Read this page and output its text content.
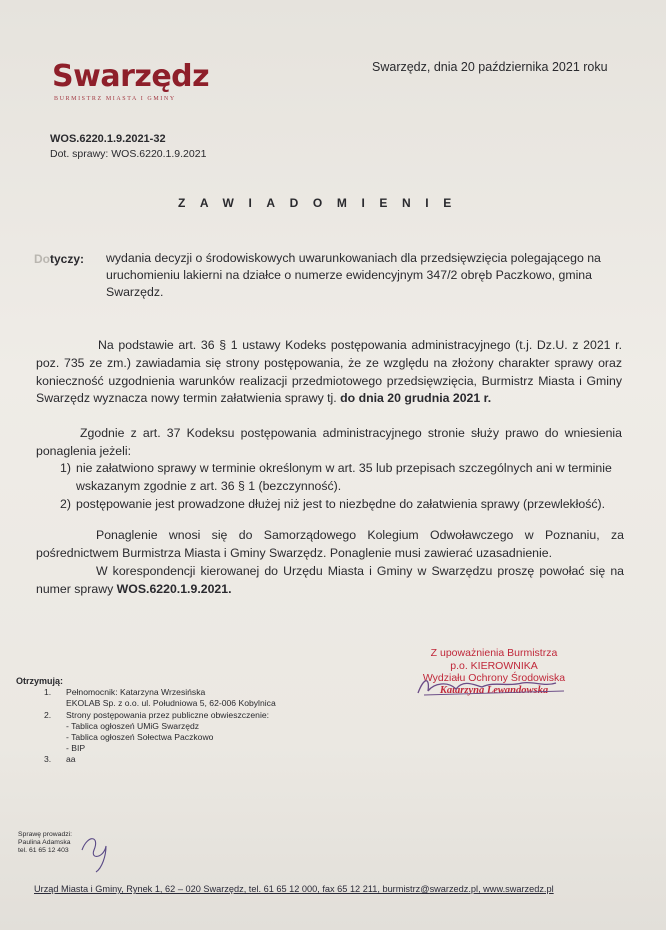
Swarzędz
BURMISTRZ MIASTA I GMINY
Swarzędz, dnia 20 października 2021 roku
WOS.6220.1.9.2021-32
Dot. sprawy: WOS.6220.1.9.2021
ZAWIADOMIENIE
Dotyczy: wydania decyzji o środowiskowych uwarunkowaniach dla przedsięwzięcia polegającego na uruchomieniu lakierni na działce o numerze ewidencyjnym 347/2 obręb Paczkowo, gmina Swarzędz.
Na podstawie art. 36 § 1 ustawy Kodeks postępowania administracyjnego (t.j. Dz.U. z 2021 r. poz. 735 ze zm.) zawiadamia się strony postępowania, że ze względu na złożony charakter sprawy oraz konieczność uzgodnienia warunków realizacji przedmiotowego przedsięwzięcia, Burmistrz Miasta i Gminy Swarzędz wyznacza nowy termin załatwienia sprawy tj. do dnia 20 grudnia 2021 r.
Zgodnie z art. 37 Kodeksu postępowania administracyjnego stronie służy prawo do wniesienia ponaglenia jeżeli:
1) nie załatwiono sprawy w terminie określonym w art. 35 lub przepisach szczególnych ani w terminie wskazanym zgodnie z art. 36 § 1 (bezczynność).
2) postępowanie jest prowadzone dłużej niż jest to niezbędne do załatwienia sprawy (przewlekłość).
Ponaglenie wnosi się do Samorządowego Kolegium Odwoławczego w Poznaniu, za pośrednictwem Burmistrza Miasta i Gminy Swarzędz. Ponaglenie musi zawierać uzasadnienie.
W korespondencji kierowanej do Urzędu Miasta i Gminy w Swarzędzu proszę powołać się na numer sprawy WOS.6220.1.9.2021.
Z upoważnienia Burmistrza
p.o. KIEROWNIKA
Wydziału Ochrony Środowiska
Katarzyna Lewandowska
Otrzymują:
1. Pełnomocnik: Katarzyna Wrzesińska
EKOLAB Sp. z o.o. ul. Południowa 5, 62-006 Kobylnica
2. Strony postępowania przez publiczne obwieszczenie:
- Tablica ogłoszeń UMiG Swarzędz
- Tablica ogłoszeń Sołectwa Paczkowo
- BIP
3. aa
Sprawę prowadzi:
Paulina Adamska
tel. 61 65 12 403
Urząd Miasta i Gminy, Rynek 1, 62 – 020 Swarzędz, tel. 61 65 12 000, fax 65 12 211, burmistrz@swarzedz.pl, www.swarzedz.pl
